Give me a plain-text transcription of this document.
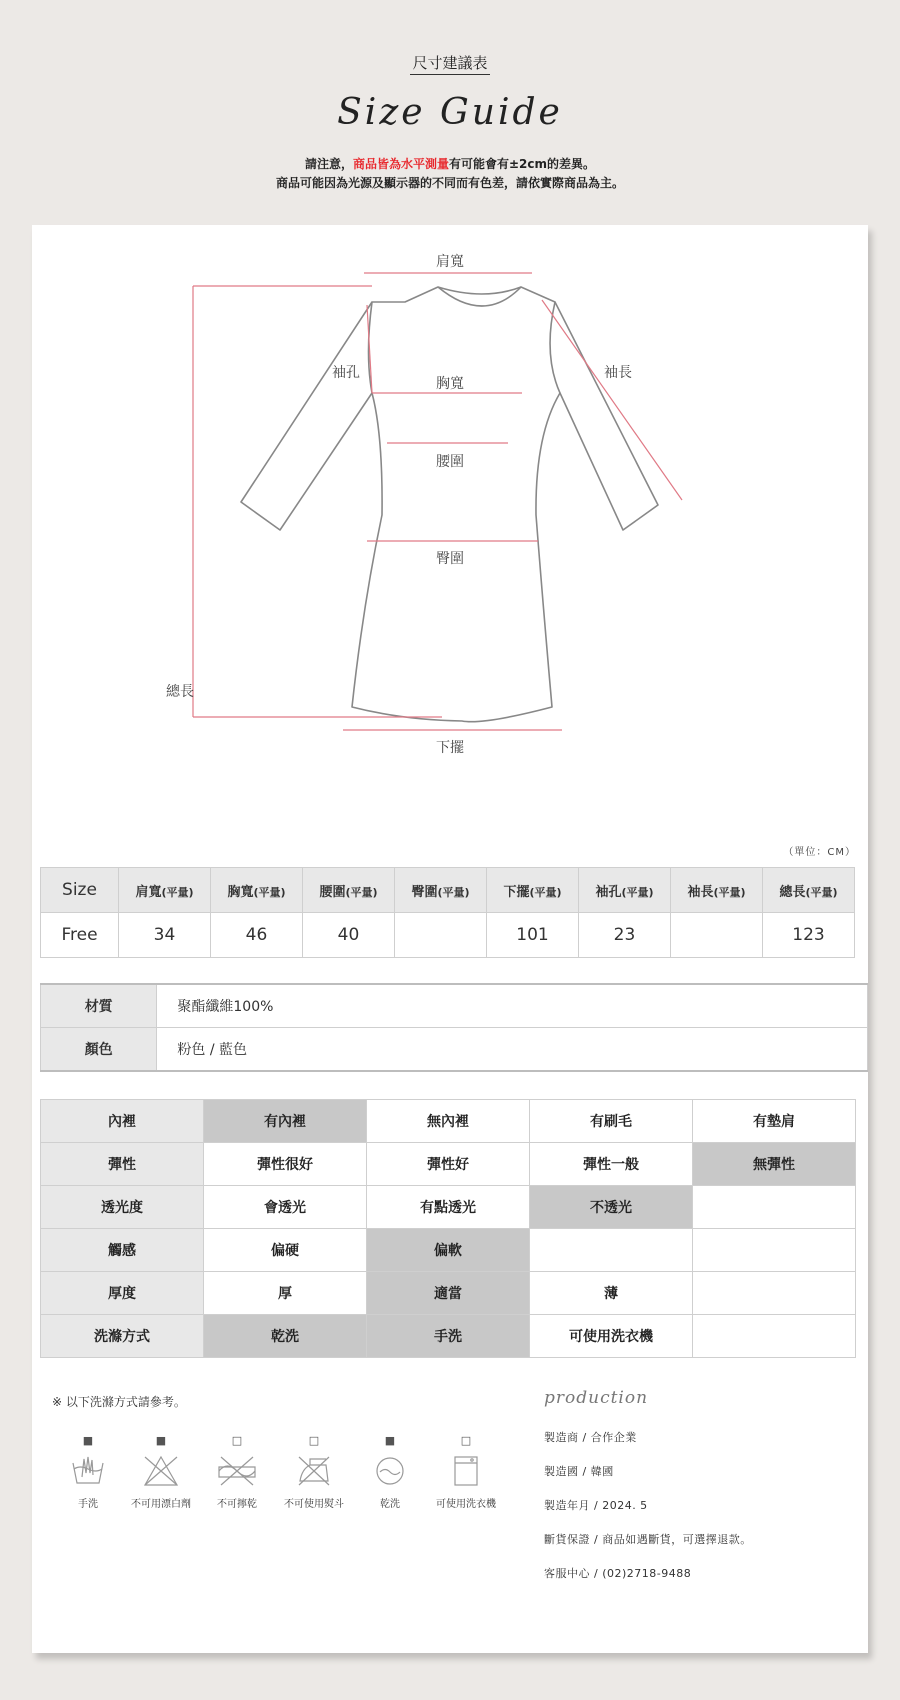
尺寸建議表
Size Guide
請注意，商品皆為水平測量有可能會有±2cm的差異。
商品可能因為光源及顯示器的不同而有色差，請依實際商品為主。
肩寬
袖孔	袖長
胸寬
腰圍
臀圍
總長
下擺
（單位：CM）
Size	肩寬(平量)	胸寬(平量)	腰圍(平量)	臀圍(平量)	下擺(平量)	袖孔(平量)	袖長(平量)	總長(平量)
Free	34	46	40		101	23		123
材質	聚酯纖維100%
顏色	粉色 / 藍色
內裡	有內裡	無內裡	有刷毛	有墊肩
彈性	彈性很好	彈性好	彈性一般	無彈性
透光度	會透光	有點透光	不透光	
觸感	偏硬	偏軟		
厚度	厚	適當	薄	
洗滌方式	乾洗	手洗	可使用洗衣機	
※ 以下洗滌方式請參考。
■
手洗
■
不可用漂白劑
□
不可擰乾
□
不可使用熨斗
■
乾洗
□
可使用洗衣機
production
製造商 / 合作企業
製造國 / 韓國
製造年月 / 2024. 5
斷貨保證 / 商品如遇斷貨，可選擇退款。
客服中心 / (02)2718-9488
